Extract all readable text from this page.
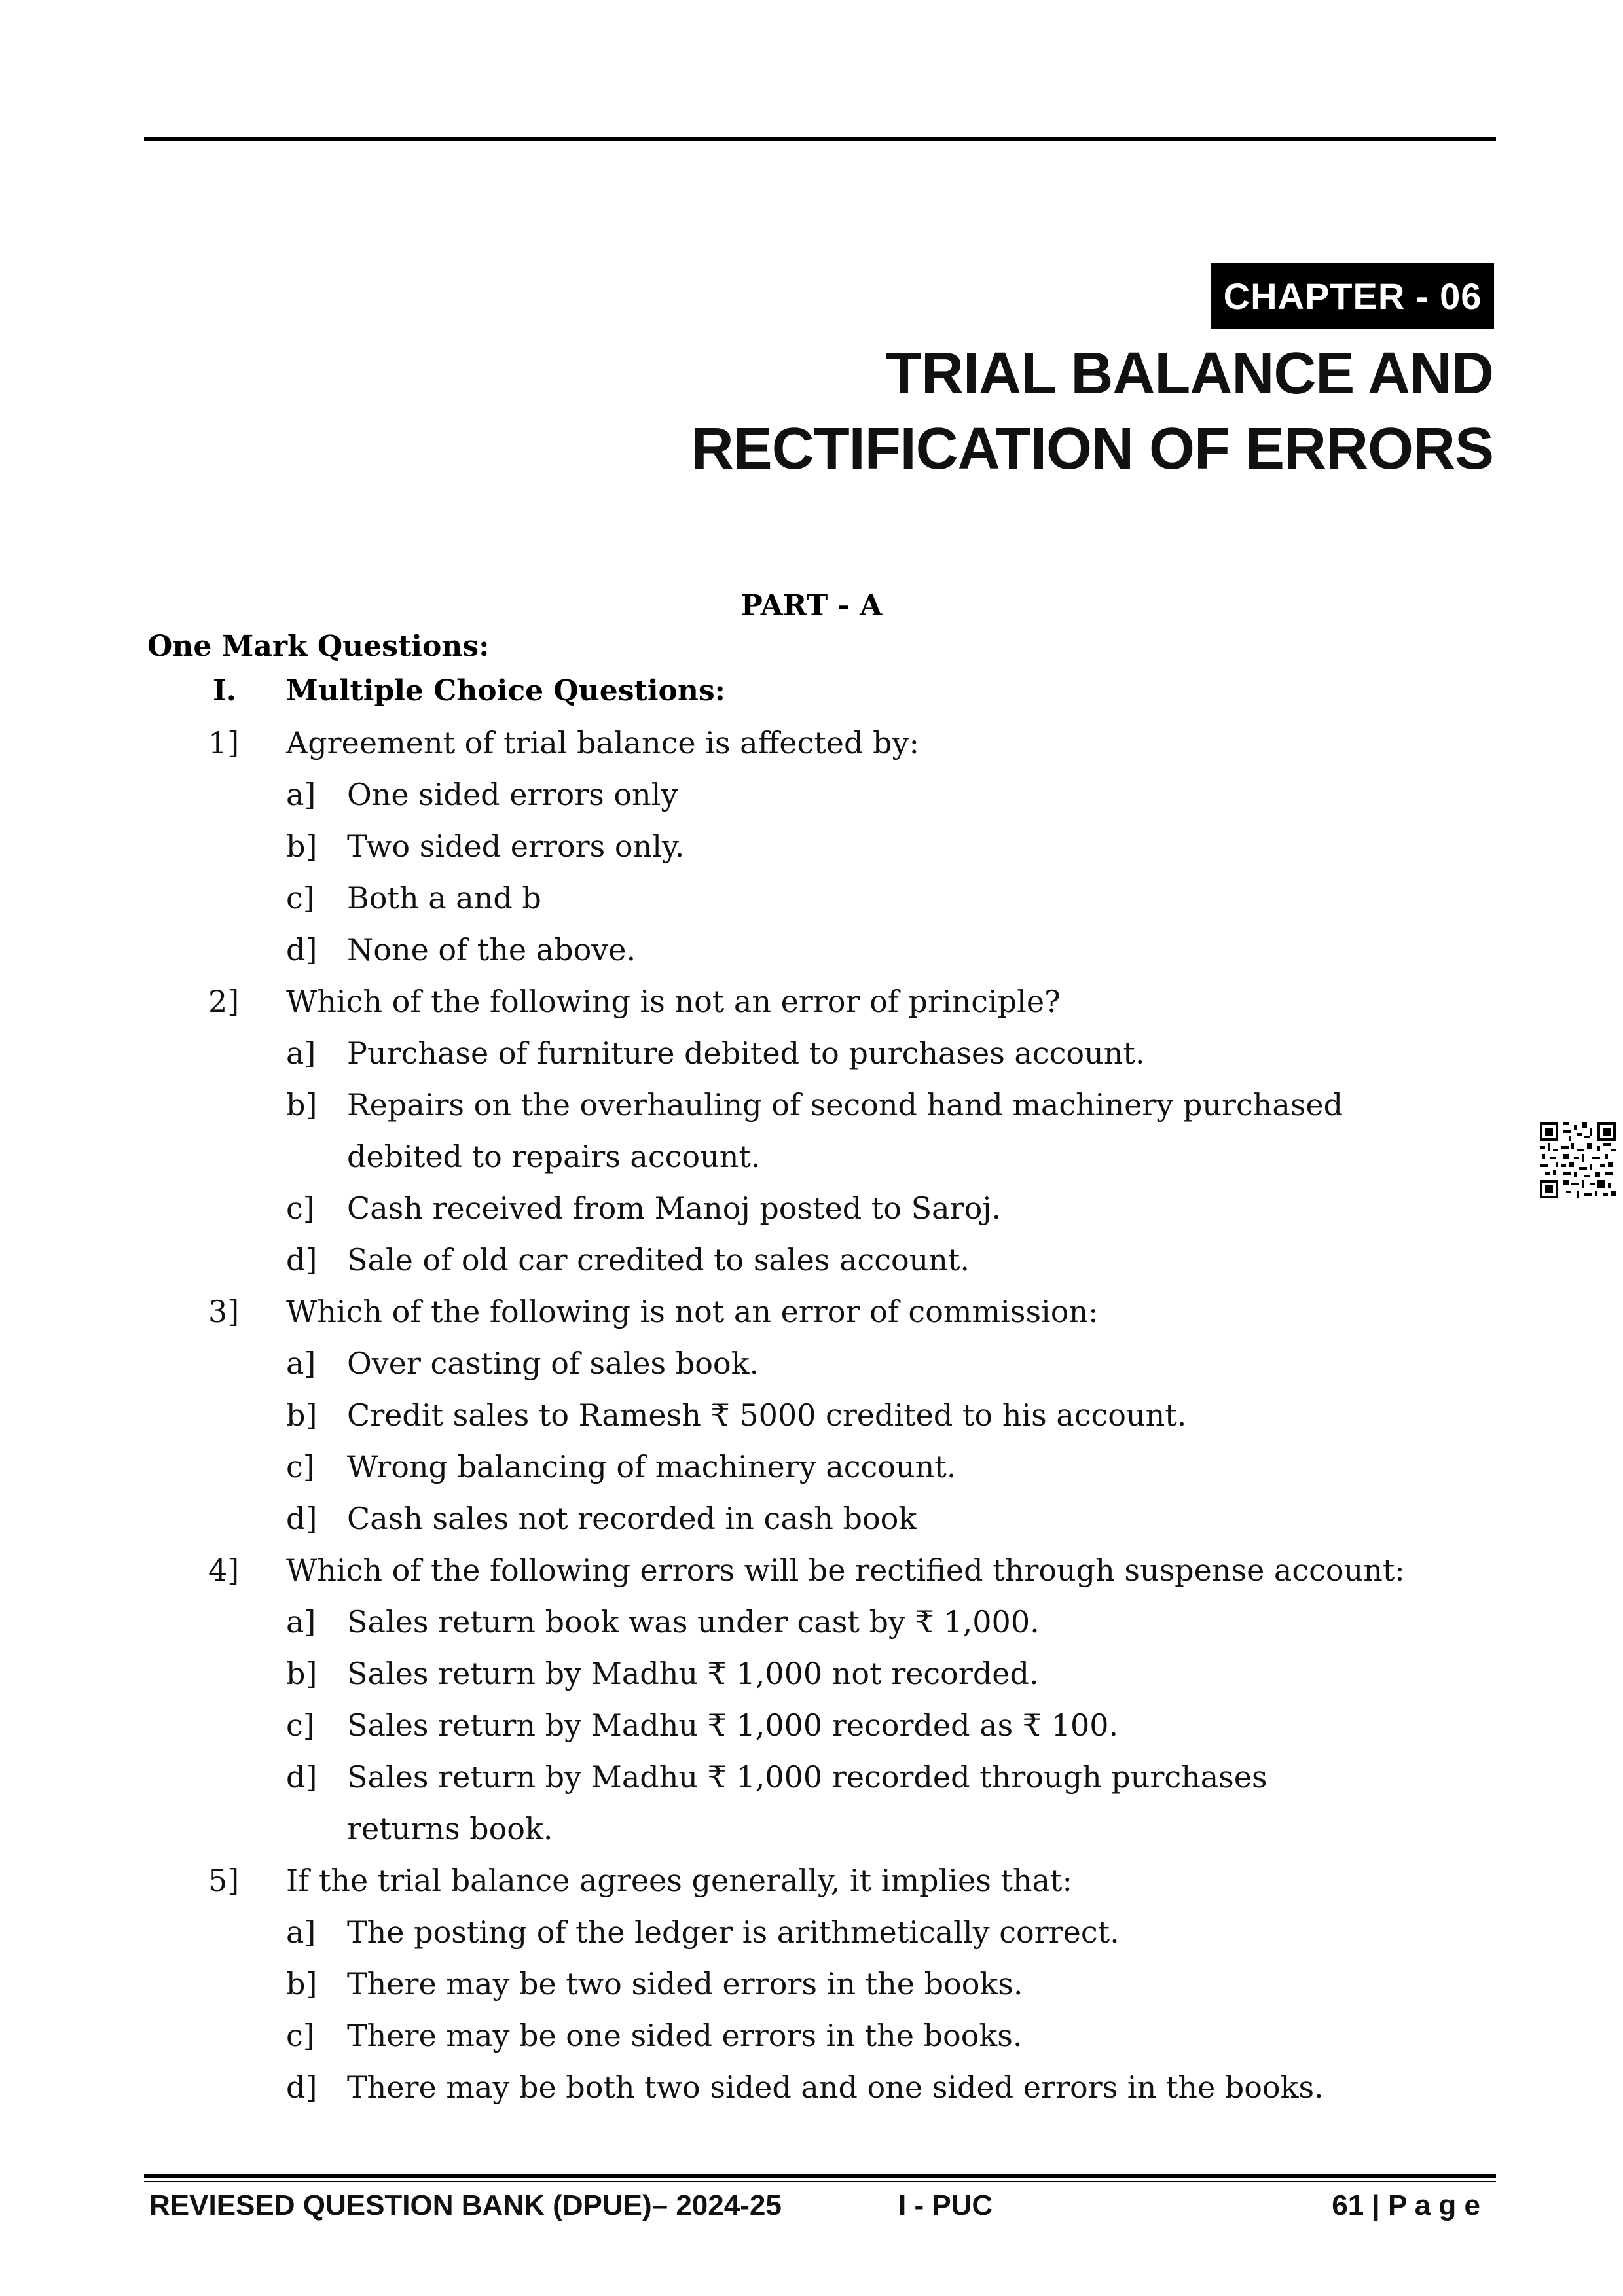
CHAPTER - 06
TRIAL BALANCE AND
RECTIFICATION OF ERRORS
PART - A
One Mark Questions:
I. Multiple Choice Questions:
1] Agreement of trial balance is affected by:
a] One sided errors only
b] Two sided errors only.
c] Both a and b
d] None of the above.
2] Which of the following is not an error of principle?
a] Purchase of furniture debited to purchases account.
b] Repairs on the overhauling of second hand machinery purchased
debited to repairs account.
c] Cash received from Manoj posted to Saroj.
d] Sale of old car credited to sales account.
3] Which of the following is not an error of commission:
a] Over casting of sales book.
b] Credit sales to Ramesh ₹ 5000 credited to his account.
c] Wrong balancing of machinery account.
d] Cash sales not recorded in cash book
4] Which of the following errors will be rectified through suspense account:
a] Sales return book was under cast by ₹ 1,000.
b] Sales return by Madhu ₹ 1,000 not recorded.
c] Sales return by Madhu ₹ 1,000 recorded as ₹ 100.
d] Sales return by Madhu ₹ 1,000 recorded through purchases
returns book.
5] If the trial balance agrees generally, it implies that:
a] The posting of the ledger is arithmetically correct.
b] There may be two sided errors in the books.
c] There may be one sided errors in the books.
d] There may be both two sided and one sided errors in the books.
REVIESED QUESTION BANK (DPUE)– 2024-25	I - PUC	61 | P a g e
